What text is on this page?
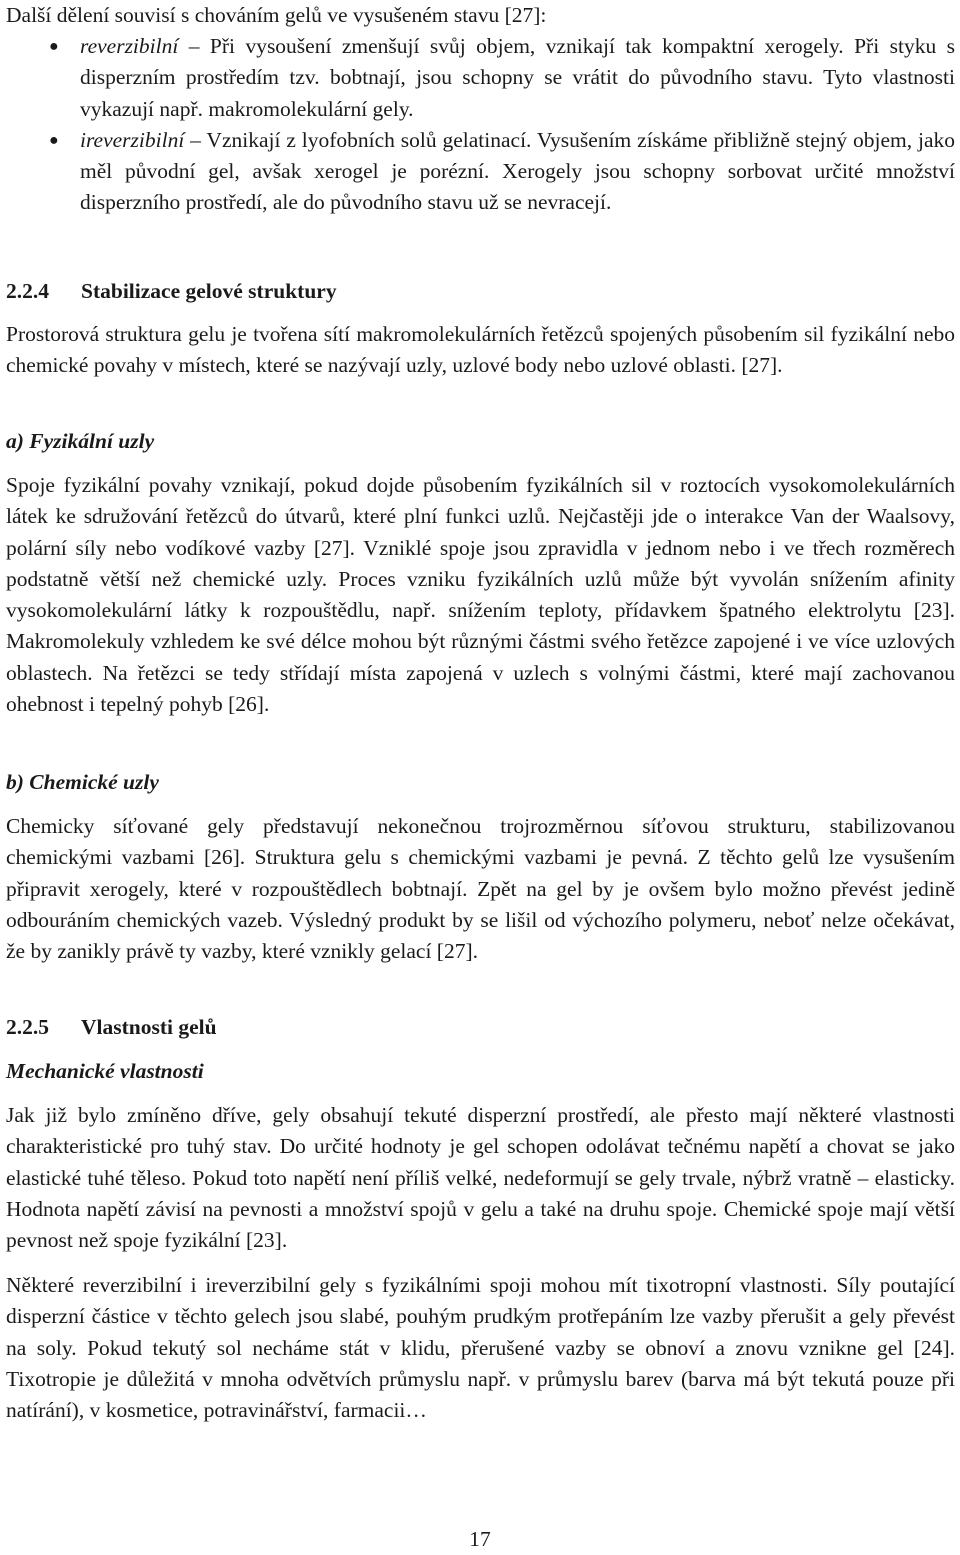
Další dělení souvisí s chováním gelů ve vysušeném stavu [27]:
● reverzibilní – Při vysoušení zmenšují svůj objem, vznikají tak kompaktní xerogely. Při styku s disperzním prostředím tzv. bobtnají, jsou schopny se vrátit do původního stavu. Tyto vlastnosti vykazují např. makromolekulární gely.
● ireverzibilní – Vznikají z lyofobních solů gelatinací. Vysušením získáme přibližně stejný objem, jako měl původní gel, avšak xerogel je porézní. Xerogely jsou schopny sorbovat určité množství disperzního prostředí, ale do původního stavu už se nevracejí.
2.2.4 Stabilizace gelové struktury

Prostorová struktura gelu je tvořena sítí makromolekulárních řetězců spojených působením sil fyzikální nebo chemické povahy v místech, které se nazývají uzly, uzlové body nebo uzlové oblasti. [27].

a) Fyzikální uzly

Spoje fyzikální povahy vznikají, pokud dojde působením fyzikálních sil v roztocích vysokomolekulárních látek ke sdružování řetězců do útvarů, které plní funkci uzlů. Nejčastěji jde o interakce Van der Waalsovy, polární síly nebo vodíkové vazby [27]. Vzniklé spoje jsou zpravidla v jednom nebo i ve třech rozměrech podstatně větší než chemické uzly. Proces vzniku fyzikálních uzlů může být vyvolán snížením afinity vysokomolekulární látky k rozpouštědlu, např. snížením teploty, přídavkem špatného elektrolytu [23]. Makromolekuly vzhledem ke své délce mohou být různými částmi svého řetězce zapojené i ve více uzlových oblastech. Na řetězci se tedy střídají místa zapojená v uzlech s volnými částmi, které mají zachovanou ohebnost i tepelný pohyb [26].

b) Chemické uzly

Chemicky síťované gely představují nekonečnou trojrozměrnou síťovou strukturu, stabilizovanou chemickými vazbami [26]. Struktura gelu s chemickými vazbami je pevná. Z těchto gelů lze vysušením připravit xerogely, které v rozpouštědlech bobtnají. Zpět na gel by je ovšem bylo možno převést jedině odbouráním chemických vazeb. Výsledný produkt by se lišil od výchozího polymeru, neboť nelze očekávat, že by zanikly právě ty vazby, které vznikly gelací [27].

2.2.5 Vlastnosti gelů
Mechanické vlastnosti

Jak již bylo zmíněno dříve, gely obsahují tekuté disperzní prostředí, ale přesto mají některé vlastnosti charakteristické pro tuhý stav. Do určité hodnoty je gel schopen odolávat tečnému napětí a chovat se jako elastické tuhé těleso. Pokud toto napětí není příliš velké, nedeformují se gely trvale, nýbrž vratně – elasticky. Hodnota napětí závisí na pevnosti a množství spojů v gelu a také na druhu spoje. Chemické spoje mají větší pevnost než spoje fyzikální [23].

Některé reverzibilní i ireverzibilní gely s fyzikálními spoji mohou mít tixotropní vlastnosti. Síly poutající disperzní částice v těchto gelech jsou slabé, pouhým prudkým protřepáním lze vazby přerušit a gely převést na soly. Pokud tekutý sol necháme stát v klidu, přerušené vazby se obnoví a znovu vznikne gel [24]. Tixotropie je důležitá v mnoha odvětvích průmyslu např. v průmyslu barev (barva má být tekutá pouze při natírání), v kosmetice, potravinářství, farmacii…

17
